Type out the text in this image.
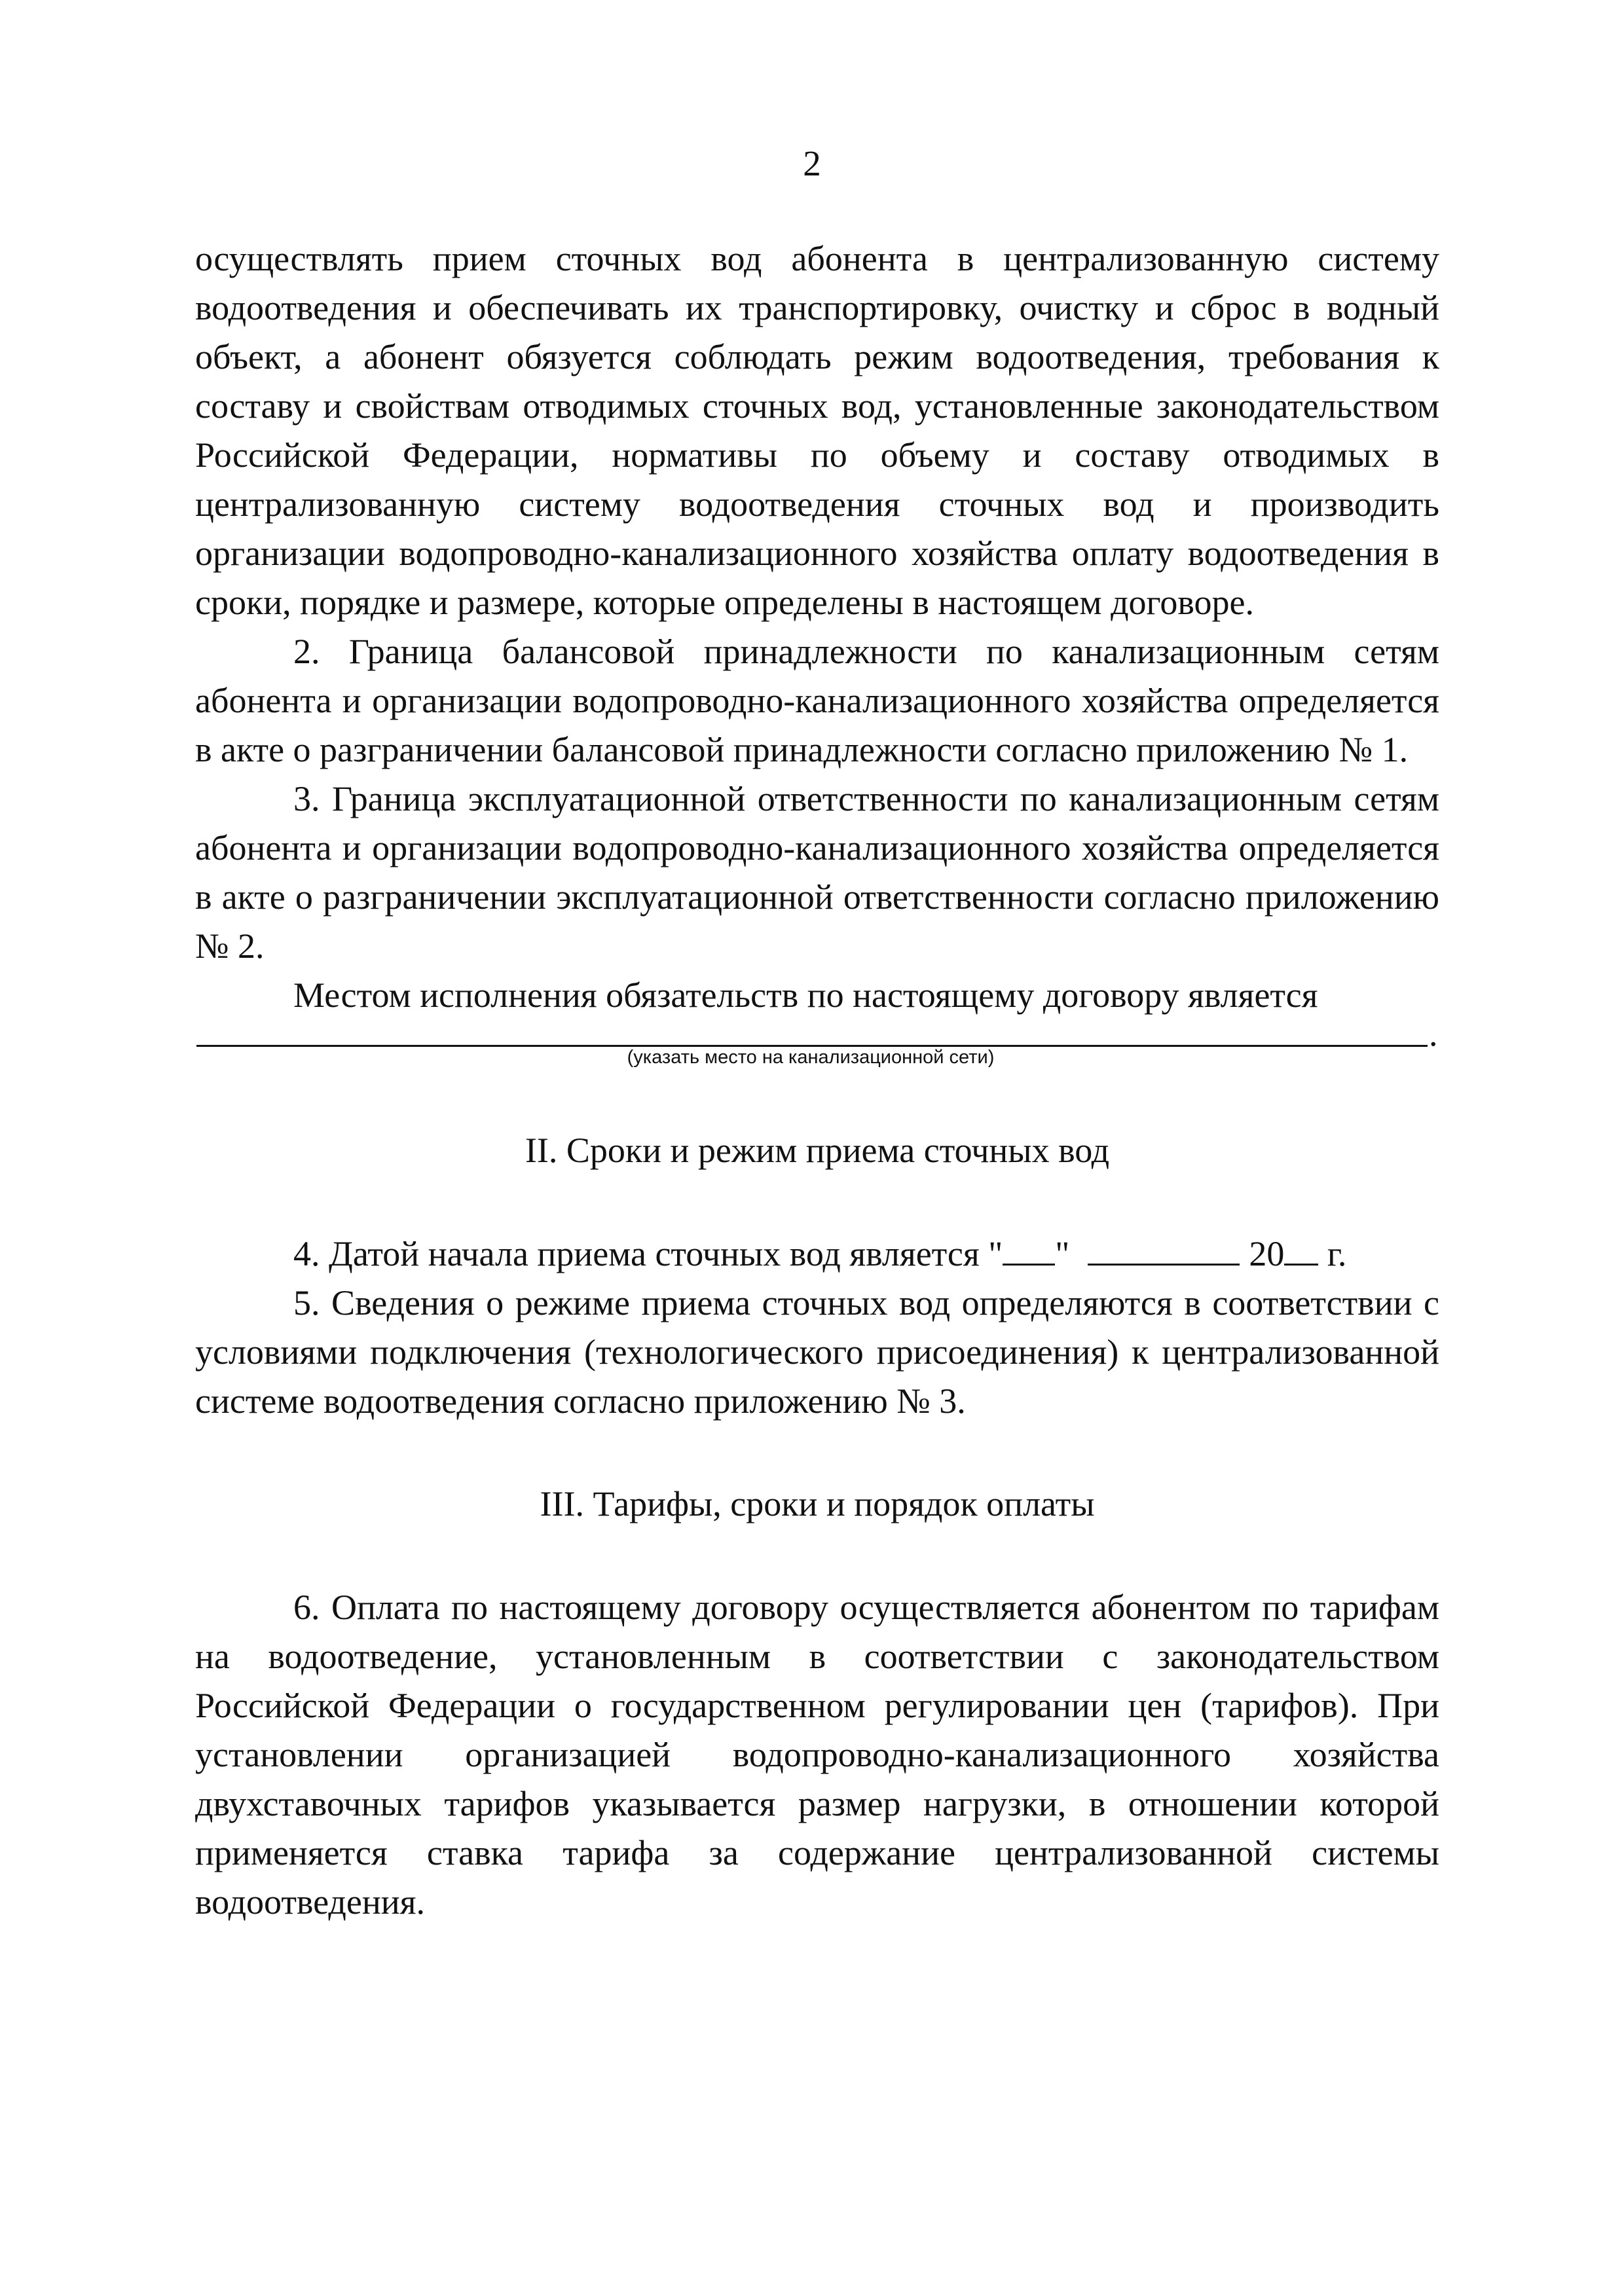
2

осуществлять прием сточных вод абонента в централизованную систему водоотведения и обеспечивать их транспортировку, очистку и сброс в водный объект, а абонент обязуется соблюдать режим водоотведения, требования к составу и свойствам отводимых сточных вод, установленные законодательством Российской Федерации, нормативы по объему и составу отводимых в централизованную систему водоотведения сточных вод и производить организации водопроводно-канализационного хозяйства оплату водоотведения в сроки, порядке и размере, которые определены в настоящем договоре.

2. Граница балансовой принадлежности по канализационным сетям абонента и организации водопроводно-канализационного хозяйства определяется в акте о разграничении балансовой принадлежности согласно приложению № 1.

3. Граница эксплуатационной ответственности по канализационным сетям абонента и организации водопроводно-канализационного хозяйства определяется в акте о разграничении эксплуатационной ответственности согласно приложению № 2.

Местом исполнения обязательств по настоящему договору является

.
(указать место на канализационной сети)

II. Сроки и режим приема сточных вод

4. Датой начала приема сточных вод является " "	20 г.

5. Сведения о режиме приема сточных вод определяются в соответствии с условиями подключения (технологического присоединения) к централизованной системе водоотведения согласно приложению № 3.

III. Тарифы, сроки и порядок оплаты

6. Оплата по настоящему договору осуществляется абонентом по тарифам на водоотведение, установленным в соответствии с законодательством Российской Федерации о государственном регулировании цен (тарифов). При установлении организацией водопроводно-канализационного хозяйства двухставочных тарифов указывается размер нагрузки, в отношении которой применяется ставка тарифа за содержание централизованной системы водоотведения.
